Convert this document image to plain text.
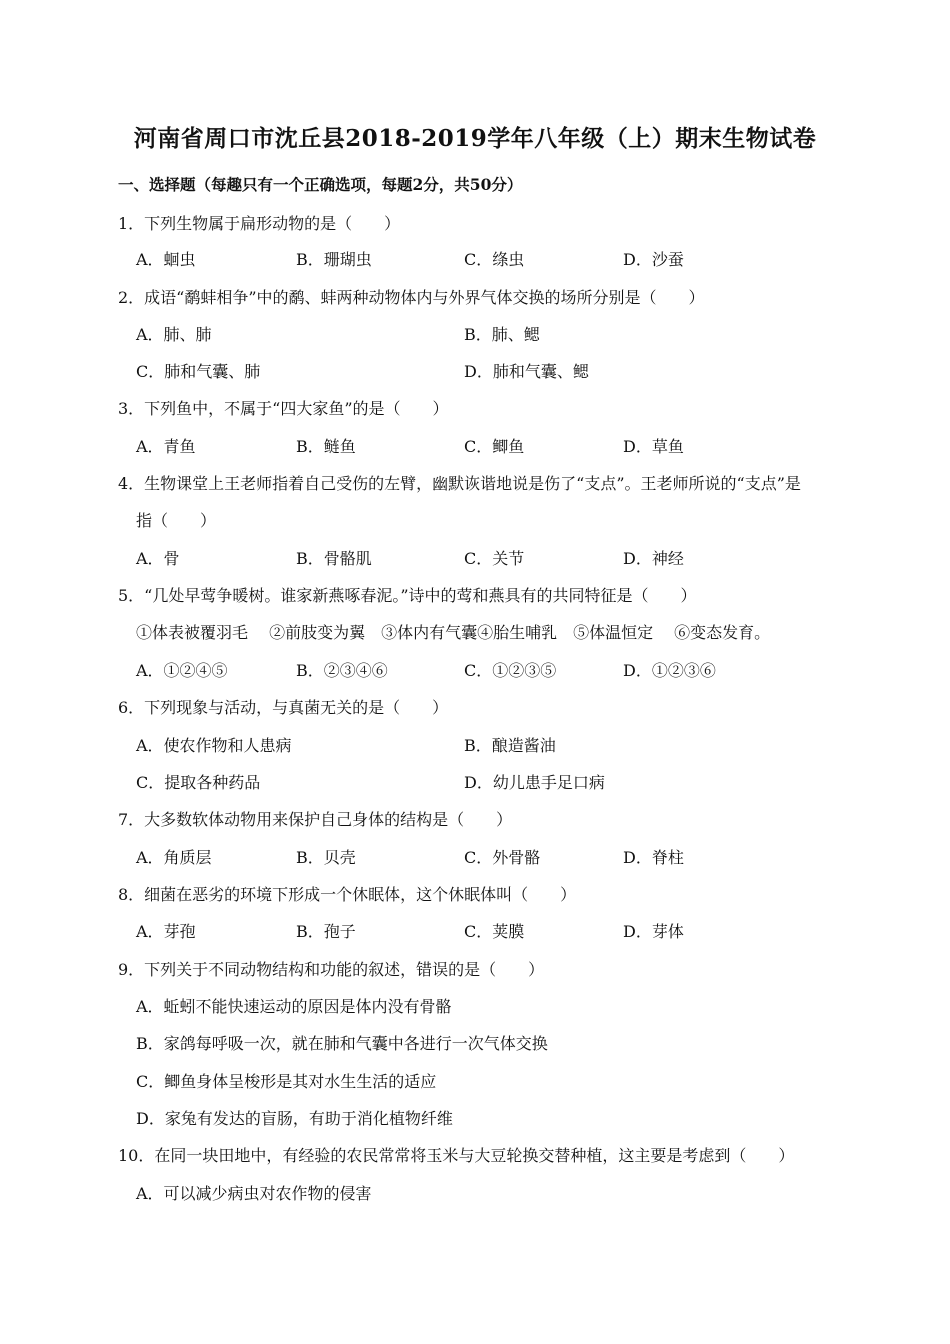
河南省周口市沈丘县2018-2019学年八年级（上）期末生物试卷
一、选择题（每趣只有一个正确选项，每题2分，共50分）
1．下列生物属于扁形动物的是（　　）
A．蛔虫	B．珊瑚虫	C．绦虫	D．沙蚕
2．成语“鹬蚌相争”中的鹬、蚌两种动物体内与外界气体交换的场所分别是（　　）
A．肺、肺	B．肺、鳃
C．肺和气囊、肺	D．肺和气囊、鳃
3．下列鱼中，不属于“四大家鱼”的是（　　）
A．青鱼	B．鲢鱼	C．鲫鱼	D．草鱼
4．生物课堂上王老师指着自己受伤的左臂，幽默诙谐地说是伤了“支点”。王老师所说的“支点”是
指（　　）
A．骨	B．骨骼肌	C．关节	D．神经
5．“几处早莺争暖树。谁家新燕啄春泥。”诗中的莺和燕具有的共同特征是（　　）
①体表被覆羽毛　 ②前肢变为翼　③体内有气囊④胎生哺乳　⑤体温恒定　 ⑥变态发育。
A．①②④⑤	B．②③④⑥	C．①②③⑤	D．①②③⑥
6．下列现象与活动，与真菌无关的是（　　）
A．使农作物和人患病	B．酿造酱油
C．提取各种药品	D．幼儿患手足口病
7．大多数软体动物用来保护自己身体的结构是（　　）
A．角质层	B．贝壳	C．外骨骼	D．脊柱
8．细菌在恶劣的环境下形成一个休眠体，这个休眠体叫（　　）
A．芽孢	B．孢子	C．荚膜	D．芽体
9．下列关于不同动物结构和功能的叙述，错误的是（　　）
A．蚯蚓不能快速运动的原因是体内没有骨骼
B．家鸽每呼吸一次，就在肺和气囊中各进行一次气体交换
C．鲫鱼身体呈梭形是其对水生生活的适应
D．家兔有发达的盲肠，有助于消化植物纤维
10．在同一块田地中，有经验的农民常常将玉米与大豆轮换交替种植，这主要是考虑到（　　）
A．可以减少病虫对农作物的侵害
